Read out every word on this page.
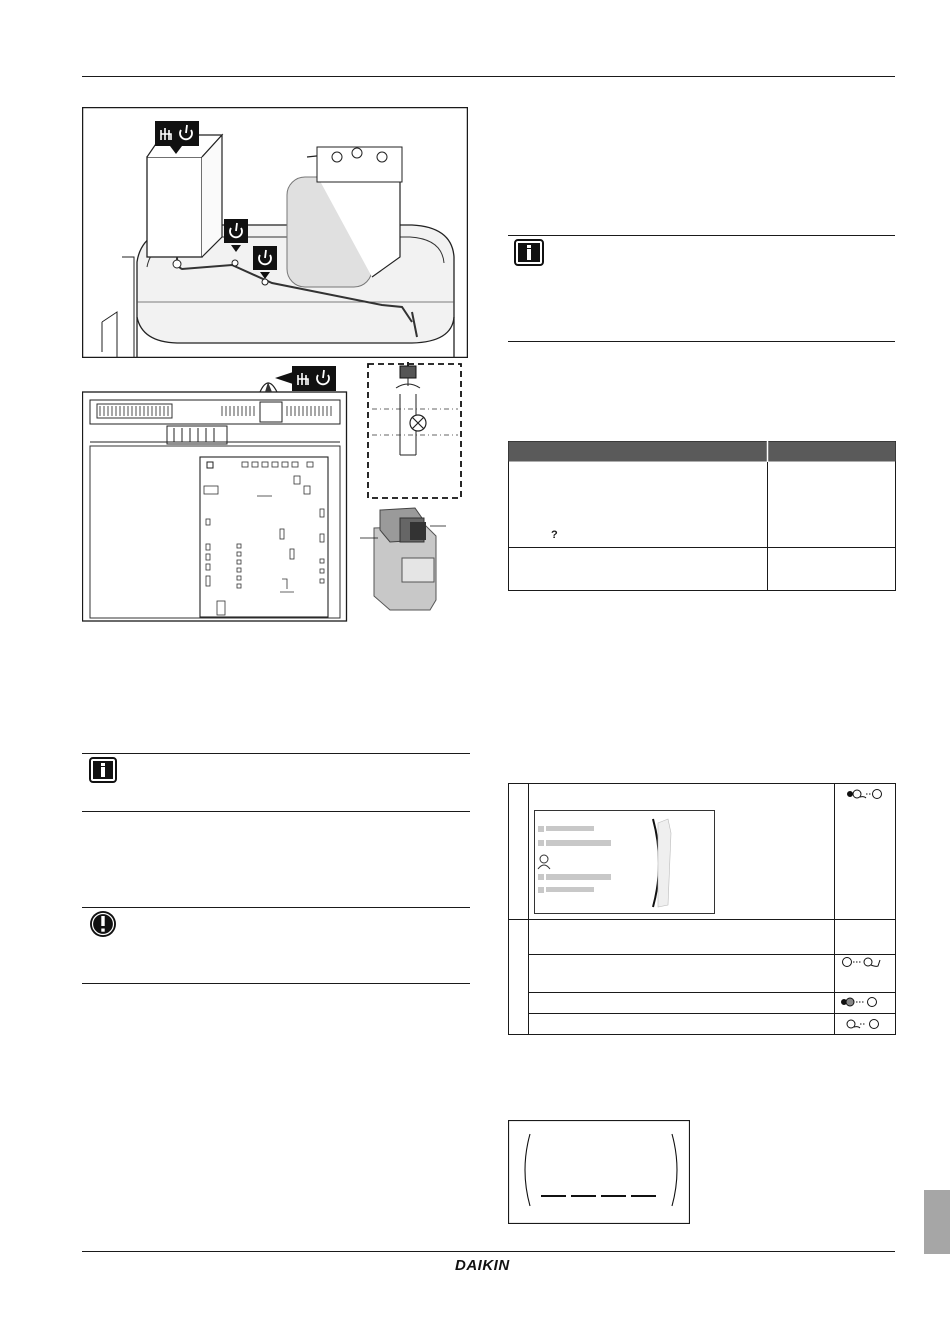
?
DAIKIN
